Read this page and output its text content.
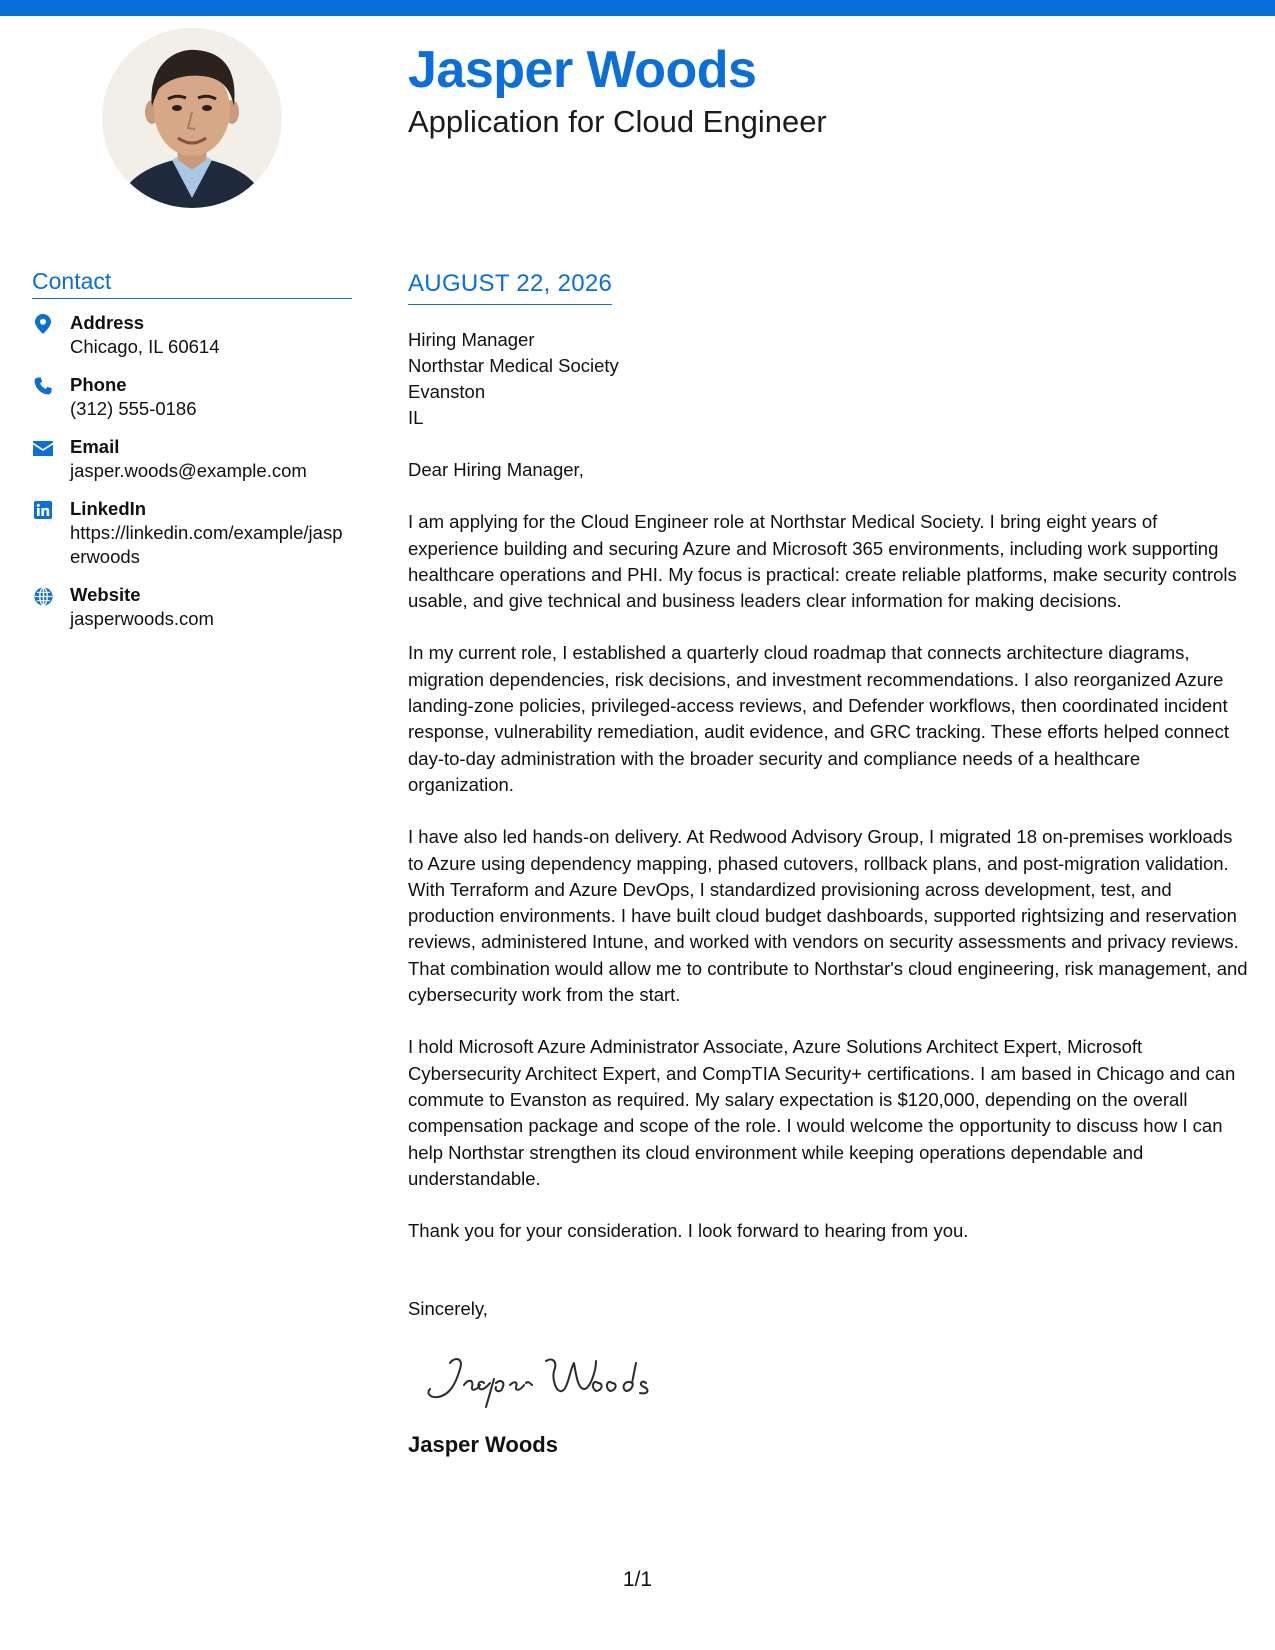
Jasper Woods
Application for Cloud Engineer
Contact
Address
Chicago, IL 60614
Phone
(312) 555-0186
Email
jasper.woods@example.com
LinkedIn
https://linkedin.com/example/jasperwoods
Website
jasperwoods.com
AUGUST 22, 2026
Hiring Manager
Northstar Medical Society
Evanston
IL

Dear Hiring Manager,

I am applying for the Cloud Engineer role at Northstar Medical Society. I bring eight years of experience building and securing Azure and Microsoft 365 environments, including work supporting healthcare operations and PHI. My focus is practical: create reliable platforms, make security controls usable, and give technical and business leaders clear information for making decisions.

In my current role, I established a quarterly cloud roadmap that connects architecture diagrams, migration dependencies, risk decisions, and investment recommendations. I also reorganized Azure landing-zone policies, privileged-access reviews, and Defender workflows, then coordinated incident response, vulnerability remediation, audit evidence, and GRC tracking. These efforts helped connect day-to-day administration with the broader security and compliance needs of a healthcare organization.

I have also led hands-on delivery. At Redwood Advisory Group, I migrated 18 on-premises workloads to Azure using dependency mapping, phased cutovers, rollback plans, and post-migration validation. With Terraform and Azure DevOps, I standardized provisioning across development, test, and production environments. I have built cloud budget dashboards, supported rightsizing and reservation reviews, administered Intune, and worked with vendors on security assessments and privacy reviews. That combination would allow me to contribute to Northstar's cloud engineering, risk management, and cybersecurity work from the start.

I hold Microsoft Azure Administrator Associate, Azure Solutions Architect Expert, Microsoft Cybersecurity Architect Expert, and CompTIA Security+ certifications. I am based in Chicago and can commute to Evanston as required. My salary expectation is $120,000, depending on the overall compensation package and scope of the role. I would welcome the opportunity to discuss how I can help Northstar strengthen its cloud environment while keeping operations dependable and understandable.

Thank you for your consideration. I look forward to hearing from you.

Sincerely,

Jasper Woods
1/1
